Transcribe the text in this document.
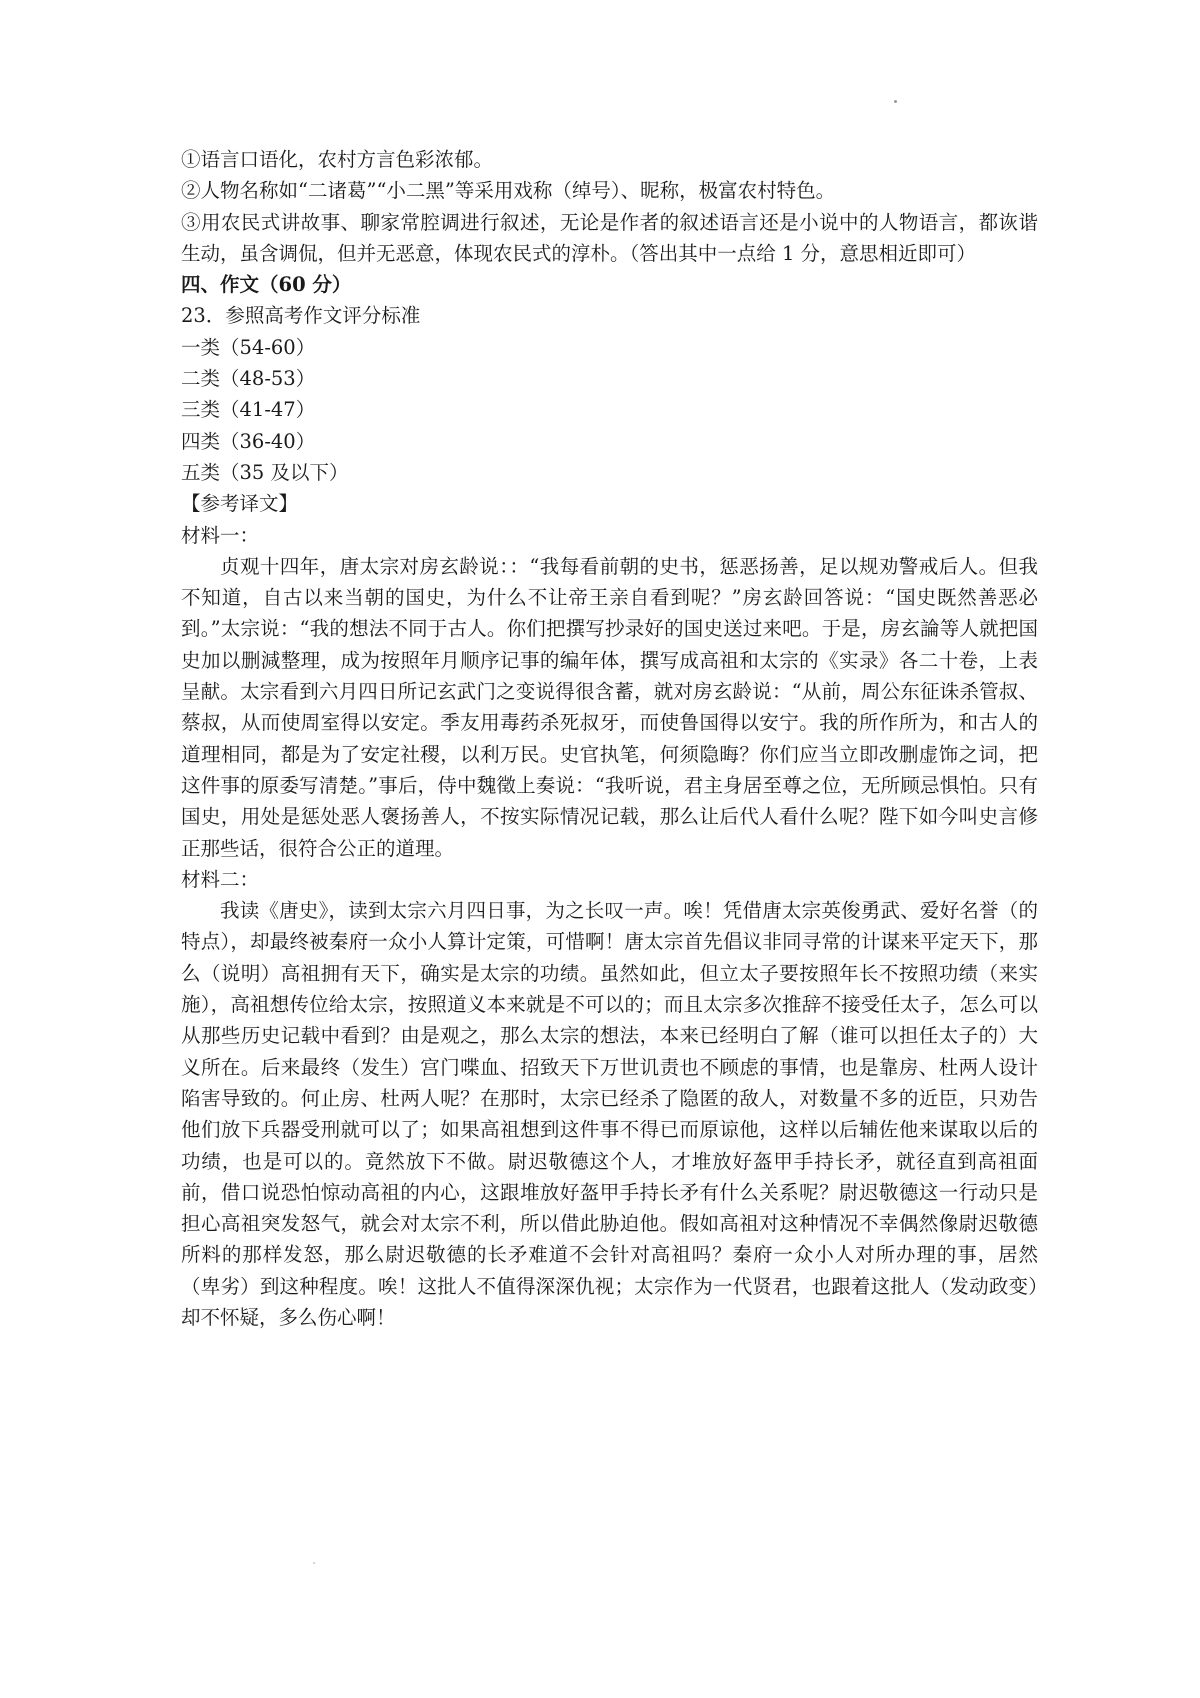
①语言口语化，农村方言色彩浓郁。
②人物名称如“二诸葛”“小二黑”等采用戏称（绰号）、昵称，极富农村特色。
③用农民式讲故事、聊家常腔调进行叙述，无论是作者的叙述语言还是小说中的人物语言，都诙谐生动，虽含调侃，但并无恶意，体现农民式的淳朴。（答出其中一点给 1 分，意思相近即可）
四、作文（60 分）
23．参照高考作文评分标准
一类（54-60）
二类（48-53）
三类（41-47）
四类（36-40）
五类（35 及以下）
【参考译文】
材料一：
贞观十四年，唐太宗对房玄龄说：：“我每看前朝的史书，惩恶扬善，足以规劝警戒后人。但我不知道，自古以来当朝的国史，为什么不让帝王亲自看到呢？”房玄龄回答说：“国史既然善恶必到。”太宗说：“我的想法不同于古人。你们把撰写抄录好的国史送过来吧。于是，房玄論等人就把国史加以删減整理，成为按照年月顺序记事的编年体，撰写成高祖和太宗的《实录》各二十卷，上表呈献。太宗看到六月四日所记玄武门之变说得很含蓄，就对房玄龄说：“从前，周公东征诛杀管叔、蔡叔，从而使周室得以安定。季友用毒药杀死叔牙，而使鲁国得以安宁。我的所作所为，和古人的道理相同，都是为了安定社稷，以利万民。史官执笔，何须隐晦？你们应当立即改删虚饰之词，把这件事的原委写清楚。”事后，侍中魏徵上奏说：“我听说，君主身居至尊之位，无所顾忌惧怕。只有国史，用处是惩处恶人褒扬善人，不按实际情况记载，那么让后代人看什么呢？陛下如今叫史言修正那些话，很符合公正的道理。
材料二：
我读《唐史》，读到太宗六月四日事，为之长叹一声。唉！凭借唐太宗英俊勇武、爱好名誉（的特点），却最终被秦府一众小人算计定策，可惜啊！唐太宗首先倡议非同寻常的计谋来平定天下，那么（说明）高祖拥有天下，确实是太宗的功绩。虽然如此，但立太子要按照年长不按照功绩（来实施），高祖想传位给太宗，按照道义本来就是不可以的；而且太宗多次推辞不接受任太子，怎么可以从那些历史记载中看到？由是观之，那么太宗的想法，本来已经明白了解（谁可以担任太子的）大义所在。后来最终（发生）宫门喋血、招致天下万世讥责也不顾虑的事情，也是靠房、杜两人设计陷害导致的。何止房、杜两人呢？在那时，太宗已经杀了隐匿的敌人，对数量不多的近臣，只劝告他们放下兵器受刑就可以了；如果高祖想到这件事不得已而原谅他，这样以后辅佐他来谋取以后的功绩，也是可以的。竟然放下不做。尉迟敬德这个人，才堆放好盔甲手持长矛，就径直到高祖面前，借口说恐怕惊动高祖的内心，这跟堆放好盔甲手持长矛有什么关系呢？尉迟敬德这一行动只是担心高祖突发怒气，就会对太宗不利，所以借此胁迫他。假如高祖对这种情况不幸偶然像尉迟敬德所料的那样发怒，那么尉迟敬德的长矛难道不会针对高祖吗？秦府一众小人对所办理的事，居然（卑劣）到这种程度。唉！这批人不值得深深仇视；太宗作为一代贤君，也跟着这批人（发动政变）却不怀疑，多么伤心啊！
